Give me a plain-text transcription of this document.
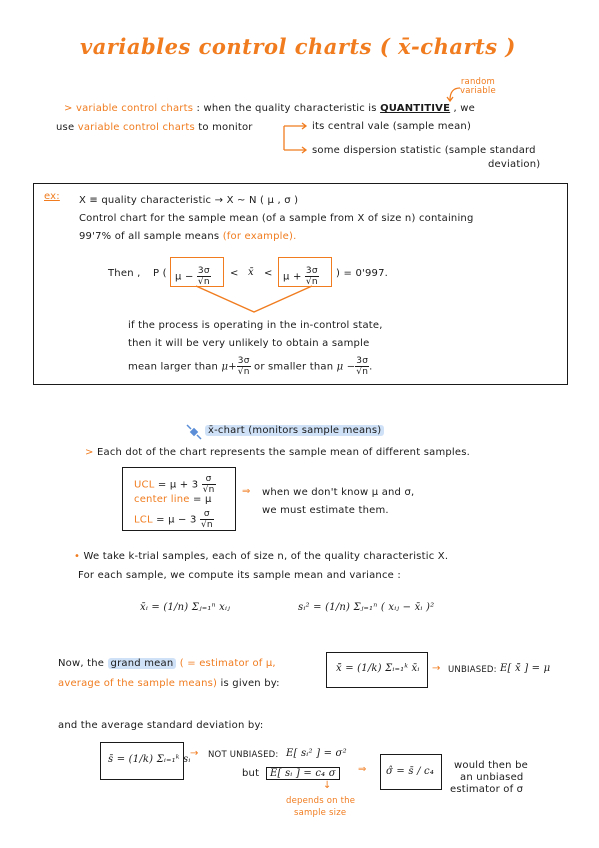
variables control charts ( x̄-charts )
random
variable
> variable control charts : when the quality characteristic is QUANTITIVE , we
use variable control charts to monitor	its central vale (sample mean)
some dispersion statistic (sample standard
deviation)
ex: X ≡ quality characteristic → X ~ N ( μ , σ )
Control chart for the sample mean (of a sample from X of size n) containing
99'7% of all sample means (for example).
Then , P ( $\mu - \frac{3\sigma}{√n}$ < x̄ < $\mu + \frac{3\sigma}{√n}$ ) = 0'997.
if the process is operating in the in-control state,
then it will be very unlikely to obtain a sample
mean larger than $\mu+ \frac{3\sigma}{√n}$ or smaller than $\mu - \frac{3\sigma}{√n}$ .
x̄-chart (monitors sample means)
> Each dot of the chart represents the sample mean of different samples.
UCL = $\mu + 3 \frac{\sigma}{√n}$
center line = μ
LCL = $\mu - 3 \frac{\sigma}{√n}$
⇒ when we don't know μ and σ,
we must estimate them.
• We take k-trial samples, each of size n, of the quality characteristic X.
For each sample, we compute its sample mean and variance :
x̄ᵢ = (1/n) Σⱼ₌₁ⁿ xᵢⱼ	sᵢ² = (1/n) Σⱼ₌₁ⁿ ( xᵢⱼ − x̄ᵢ )²
Now, the grand mean ( = estimator of μ,
average of the sample means) is given by:
x̄̄ = (1/k) Σᵢ₌₁ᵏ x̄ᵢ → UNBIASED: E[ x̄̄ ] = μ
and the average standard deviation by:
s̄ = (1/k) Σᵢ₌₁ᵏ sᵢ
→ NOT UNBIASED: E[ sᵢ² ] = σ²
but	E[ sᵢ ] = c₄ σ
↓
depends on the
sample size
⇒ σ̂ = s̄ / c₄
would then be
an unbiased
estimator of σ
